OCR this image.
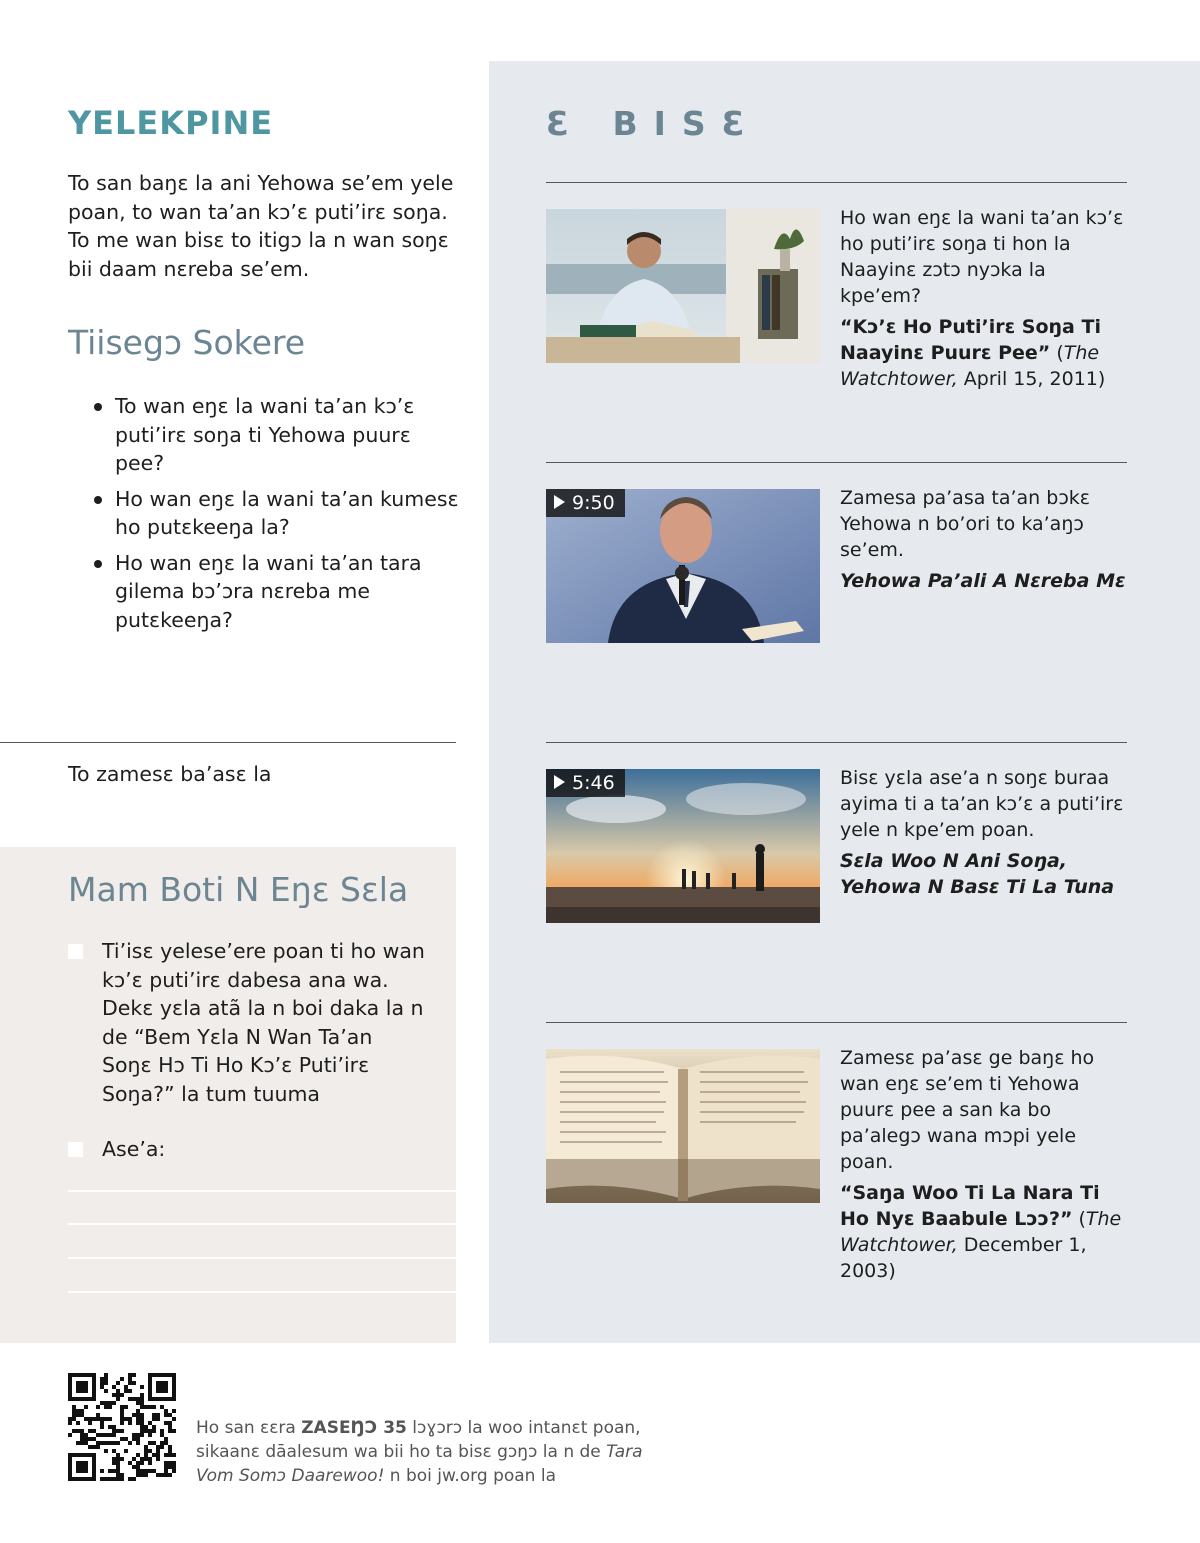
YELEKPINE

To san baŋɛ la ani Yehowa se’em yele poan, to wan ta’an kɔ’ɛ puti’irɛ soŋa. To me wan bisɛ to itigɔ la n wan soŋɛ bii daam nɛreba se’em.

Tiisegɔ Sokere
To wan eŋɛ la wani ta’an kɔ’ɛ puti’irɛ soŋa ti Yehowa puurɛ pee?
Ho wan eŋɛ la wani ta’an kumesɛ ho putɛkeeŋa la?
Ho wan eŋɛ la wani ta’an tara gilema bɔ’ɔra nɛreba me putɛkeeŋa?
To zamesɛ ba’asɛ la
Mam Boti N Eŋɛ Sɛla
Ti’isɛ yelese’ere poan ti ho wan kɔ’ɛ puti’irɛ dabesa ana wa. Dekɛ yɛla atã la n boi daka la n de “Bem Yɛla N Wan Ta’an Soŋɛ Hɔ Ti Ho Kɔ’ɛ Puti’irɛ Soŋa?” la tum tuuma
Ase’a:
Ɛ BISƐ

Ho wan eŋɛ la wani ta’an kɔ’ɛ ho puti’irɛ soŋa ti hon la Naayinɛ zɔtɔ nyɔka la kpe’em?

“Kɔ’ɛ Ho Puti’irɛ Soŋa Ti Naayinɛ Puurɛ Pee” (The Watchtower, April 15, 2011)

9:50	Zamesa pa’asa ta’an bɔkɛ Yehowa n bo’ori to ka’aŋɔ se’em.

Yehowa Pa’ali A Nɛreba Mɛ

5:46	Bisɛ yɛla ase’a n soŋɛ buraa ayima ti a ta’an kɔ’ɛ a puti’irɛ yele n kpe’em poan.

Sɛla Woo N Ani Soŋa, Yehowa N Basɛ Ti La Tuna

Zamesɛ pa’asɛ ge baŋɛ ho wan eŋɛ se’em ti Yehowa puurɛ pee a san ka bo pa’alegɔ wana mɔpi yele poan.

“Saŋa Woo Ti La Nara Ti Ho Nyɛ Baabule Lɔɔ?” (The Watchtower, December 1, 2003)

Ho san ɛɛra ZASEŊƆ 35 lɔɣɔrɔ la woo intanɛt poan, sikaanɛ dāalesum wa bii ho ta bisɛ gɔŋɔ la n de Tara Vom Somɔ Daarewoo! n boi jw.org poan la
